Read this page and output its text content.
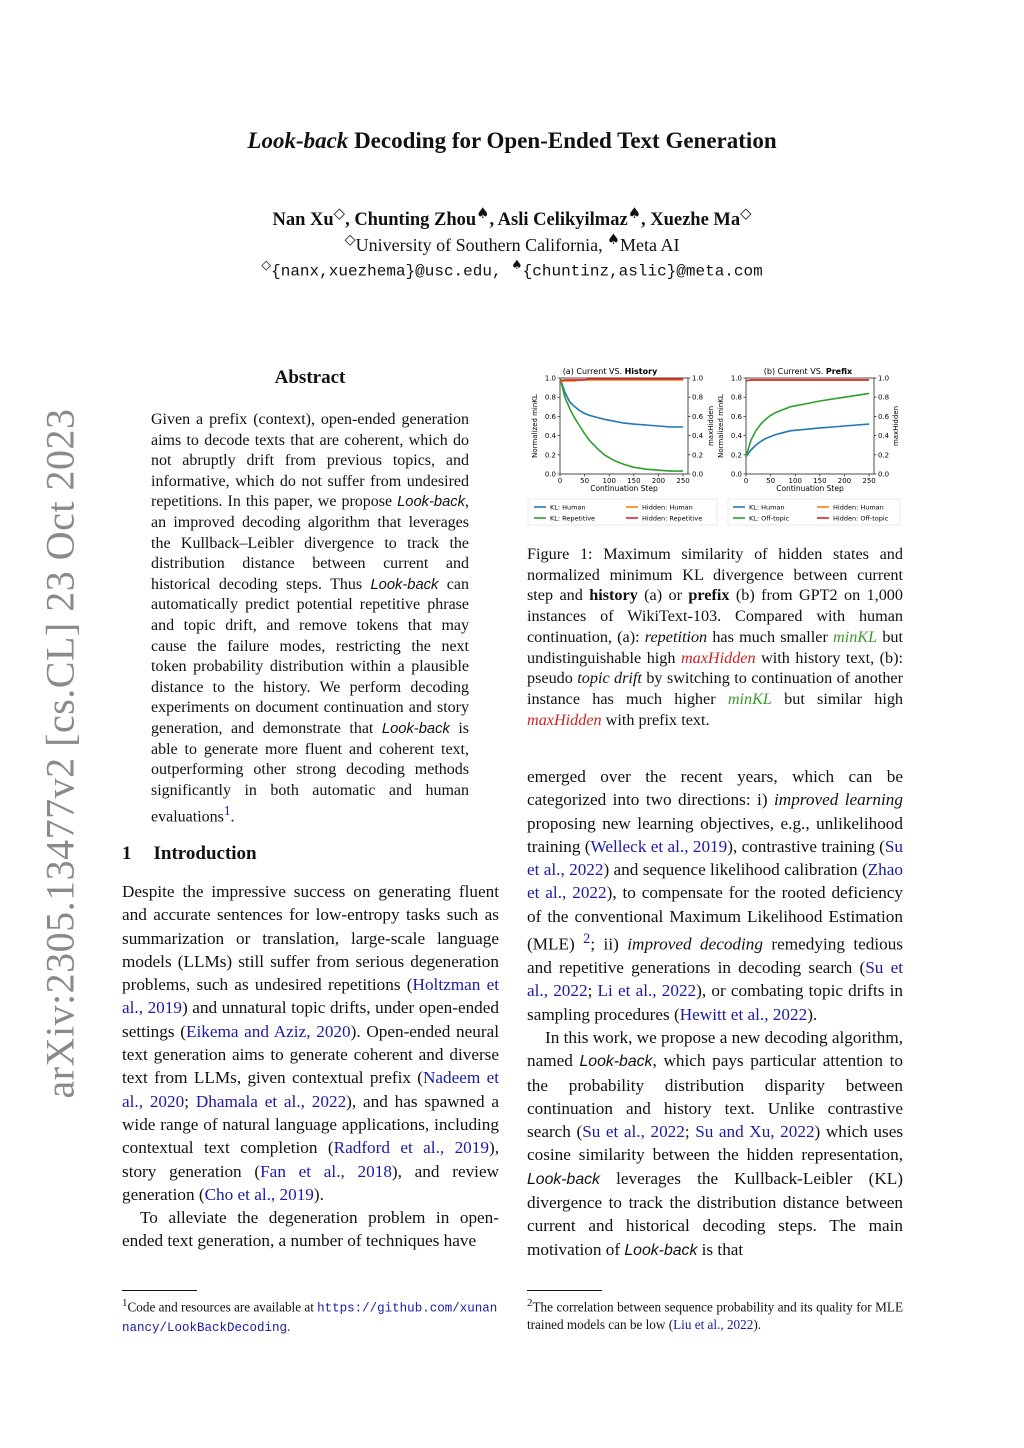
Look-back Decoding for Open-Ended Text Generation
Nan Xu◇, Chunting Zhou♠, Asli Celikyilmaz♠, Xuezhe Ma◇
◇University of Southern California, ♠Meta AI
◇{nanx,xuezhema}@usc.edu, ♠{chuntinz,aslic}@meta.com
arXiv:2305.13477v2 [cs.CL] 23 Oct 2023
Abstract
Given a prefix (context), open-ended generation aims to decode texts that are coherent, which do not abruptly drift from previous topics, and informative, which do not suffer from undesired repetitions. In this paper, we propose Look-back, an improved decoding algorithm that leverages the Kullback–Leibler divergence to track the distribution distance between current and historical decoding steps. Thus Look-back can automatically predict potential repetitive phrase and topic drift, and remove tokens that may cause the failure modes, restricting the next token probability distribution within a plausible distance to the history. We perform decoding experiments on document continuation and story generation, and demonstrate that Look-back is able to generate more fluent and coherent text, outperforming other strong decoding methods significantly in both automatic and human evaluations$^1$.
1 Introduction

Despite the impressive success on generating fluent and accurate sentences for low-entropy tasks such as summarization or translation, large-scale language models (LLMs) still suffer from serious degeneration problems, such as undesired repetitions (Holtzman et al., 2019) and unnatural topic drifts, under open-ended settings (Eikema and Aziz, 2020). Open-ended neural text generation aims to generate coherent and diverse text from LLMs, given contextual prefix (Nadeem et al., 2020; Dhamala et al., 2022), and has spawned a wide range of natural language applications, including contextual text completion (Radford et al., 2019), story generation (Fan et al., 2018), and review generation (Cho et al., 2019).

To alleviate the degeneration problem in open-ended text generation, a number of techniques have

(a) Current VS. History
0	50 100 150 200 250
0.0	0.0
0.2	0.2
0.4	0.4
0.6	0.6
0.8	0.8
1.0	1.0
Continuation Step
Normalized minKL	maxHidden
KL: Human	Hidden: Human
KL: Repetitive	Hidden: Repetitive
(b) Current VS. Prefix
0	50 100 150 200 250
0.0	0.0
0.2	0.2
0.4	0.4
0.6	0.6
0.8	0.8
1.0	1.0
Continuation Step
Normalized minKL	maxHidden
KL: Human	Hidden: Human
KL: Off-topic	Hidden: Off-topic
Figure 1: Maximum similarity of hidden states and normalized minimum KL divergence between current step and history (a) or prefix (b) from GPT2 on 1,000 instances of WikiText-103. Compared with human continuation, (a): repetition has much smaller minKL but undistinguishable high maxHidden with history text, (b): pseudo topic drift by switching to continuation of another instance has much higher minKL but similar high maxHidden with prefix text.

emerged over the recent years, which can be categorized into two directions: i) improved learning proposing new learning objectives, e.g., unlikelihood training (Welleck et al., 2019), contrastive training (Su et al., 2022) and sequence likelihood calibration (Zhao et al., 2022), to compensate for the rooted deficiency of the conventional Maximum Likelihood Estimation (MLE) $^2$; ii) improved decoding remedying tedious and repetitive generations in decoding search (Su et al., 2022; Li et al., 2022), or combating topic drifts in sampling procedures (Hewitt et al., 2022).

In this work, we propose a new decoding algorithm, named Look-back, which pays particular attention to the probability distribution disparity between continuation and history text. Unlike contrastive search (Su et al., 2022; Su and Xu, 2022) which uses cosine similarity between the hidden representation, Look-back leverages the Kullback-Leibler (KL) divergence to track the distribution distance between current and historical decoding steps. The main motivation of Look-back is that

$^1$Code and resources are available at https://github.com/xunannancy/LookBackDecoding.
$^2$The correlation between sequence probability and its quality for MLE trained models can be low (Liu et al., 2022).
